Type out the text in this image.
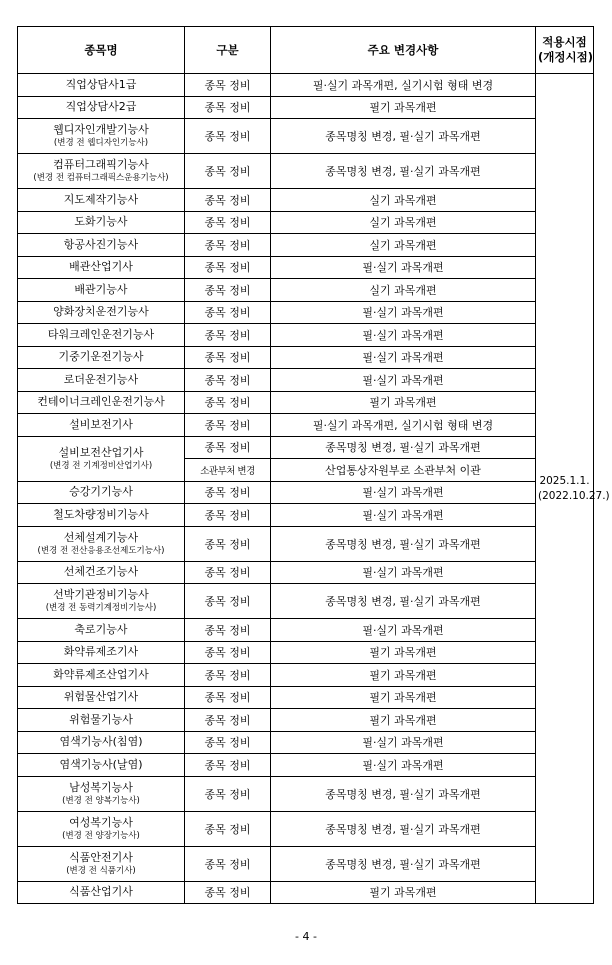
종목명	구분	주요 변경사항	적용시점
(개정시점)

직업상담사1급	종목 정비	필·실기 과목개편, 실기시험 형태 변경	2025.1.1.
(2022.10.27.)

직업상담사2급	종목 정비	필기 과목개편	

웹디자인개발기능사
(변경 전 웹디자인기능사)	종목 정비	종목명칭 변경, 필·실기 과목개편	

컴퓨터그래픽기능사
(변경 전 컴퓨터그래픽스운용기능사)	종목 정비	종목명칭 변경, 필·실기 과목개편	

지도제작기능사	종목 정비	실기 과목개편	

도화기능사	종목 정비	실기 과목개편	

항공사진기능사	종목 정비	실기 과목개편	

배관산업기사	종목 정비	필·실기 과목개편	

배관기능사	종목 정비	실기 과목개편	

양화장치운전기능사	종목 정비	필·실기 과목개편	

타워크레인운전기능사	종목 정비	필·실기 과목개편	

기중기운전기능사	종목 정비	필·실기 과목개편	

로더운전기능사	종목 정비	필·실기 과목개편	

컨테이너크레인운전기능사	종목 정비	필기 과목개편	

설비보전기사	종목 정비	필·실기 과목개편, 실기시험 형태 변경	

설비보전산업기사
(변경 전 기계정비산업기사)	종목 정비	종목명칭 변경, 필·실기 과목개편	
	소관부처 변경	산업통상자원부로 소관부처 이관	

승강기기능사	종목 정비	필·실기 과목개편	

철도차량정비기능사	종목 정비	필·실기 과목개편	

선체설계기능사
(변경 전 전산응용조선제도기능사)	종목 정비	종목명칭 변경, 필·실기 과목개편	

선체건조기능사	종목 정비	필·실기 과목개편	

선박기관정비기능사
(변경 전 동력기계정비기능사)	종목 정비	종목명칭 변경, 필·실기 과목개편	

축로기능사	종목 정비	필·실기 과목개편	

화약류제조기사	종목 정비	필기 과목개편	

화약류제조산업기사	종목 정비	필기 과목개편	

위험물산업기사	종목 정비	필기 과목개편	

위험물기능사	종목 정비	필기 과목개편	

염색기능사(침염)	종목 정비	필·실기 과목개편	

염색기능사(날염)	종목 정비	필·실기 과목개편	

남성복기능사
(변경 전 양복기능사)	종목 정비	종목명칭 변경, 필·실기 과목개편	

여성복기능사
(변경 전 양장기능사)	종목 정비	종목명칭 변경, 필·실기 과목개편	

식품안전기사
(변경 전 식품기사)	종목 정비	종목명칭 변경, 필·실기 과목개편	

식품산업기사	종목 정비	필기 과목개편	
- 4 -
